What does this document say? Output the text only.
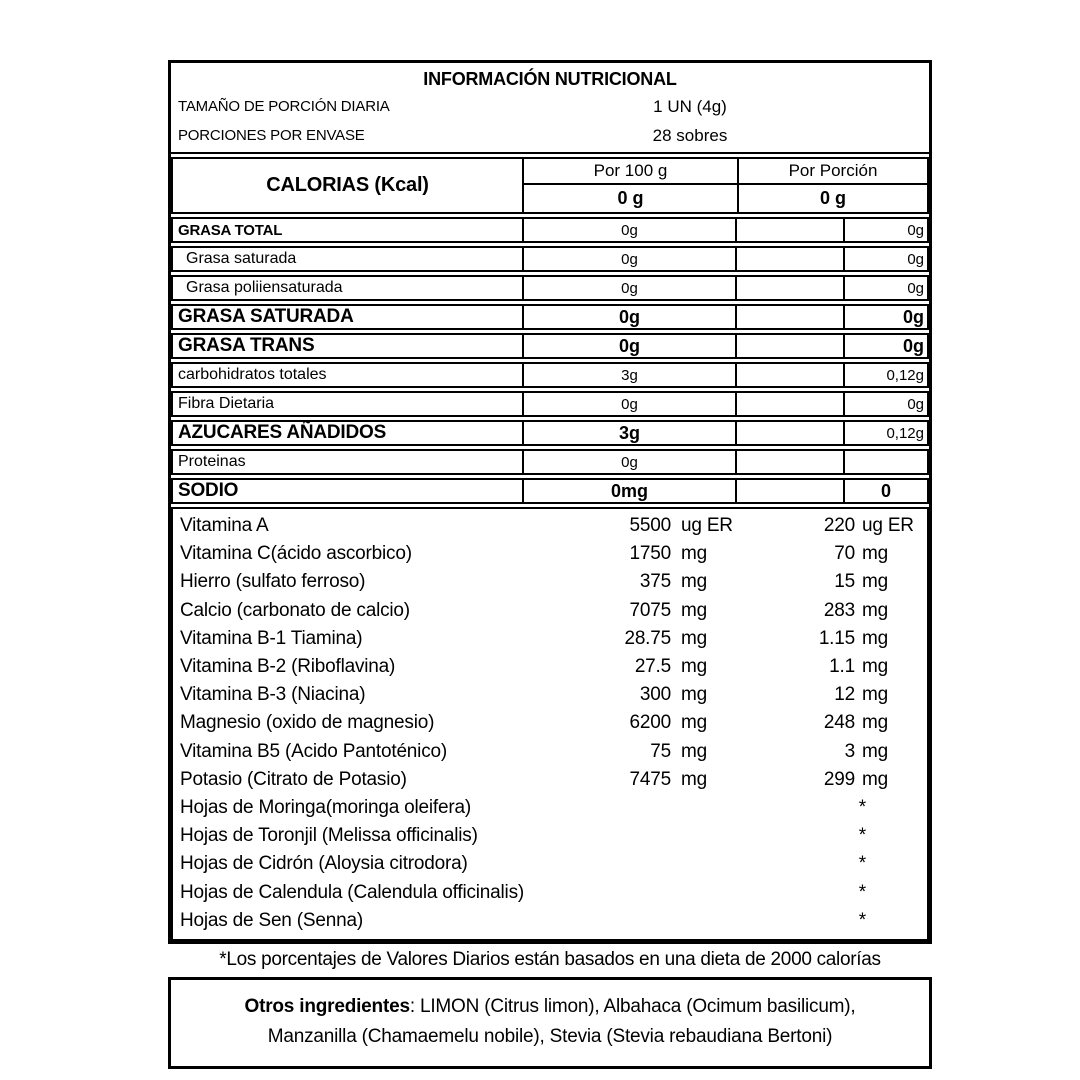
INFORMACIÓN NUTRICIONAL
TAMAÑO DE PORCIÓN DIARIA	1 UN (4g)
PORCIONES POR ENVASE	28 sobres
CALORIAS (Kcal)
Por 100 g	Por Porción
0 g	0 g
GRASA TOTAL	0g	0g
Grasa saturada	0g	0g
Grasa poliiensaturada	0g	0g
GRASA SATURADA	0g	0g
GRASA TRANS	0g	0g
carbohidratos totales	3g	0,12g
Fibra Dietaria	0g	0g
AZUCARES AÑADIDOS	3g	0,12g
Proteinas	0g
SODIO	0mg	0
Vitamina A	5500 ug ER	220 ug ER
Vitamina C(ácido ascorbico)	1750 mg	70 mg
Hierro (sulfato ferroso)	375 mg	15 mg
Calcio (carbonato de calcio)	7075 mg	283 mg
Vitamina B-1 Tiamina)	28.75 mg	1.15 mg
Vitamina B-2 (Riboflavina)	27.5 mg	1.1 mg
Vitamina B-3 (Niacina)	300 mg	12 mg
Magnesio (oxido de magnesio)	6200 mg	248 mg
Vitamina B5 (Acido Pantoténico)	75 mg	3 mg
Potasio (Citrato de Potasio)	7475 mg	299 mg
Hojas de Moringa(moringa oleifera)	*
Hojas de Toronjil (Melissa officinalis)	*
Hojas de Cidrón (Aloysia citrodora)	*
Hojas de Calendula (Calendula officinalis)	*
Hojas de Sen (Senna)	*
*Los porcentajes de Valores Diarios están basados en una dieta de 2000 calorías
Otros ingredientes: LIMON (Citrus limon), Albahaca (Ocimum basilicum),
Manzanilla (Chamaemelu nobile), Stevia (Stevia rebaudiana Bertoni)
